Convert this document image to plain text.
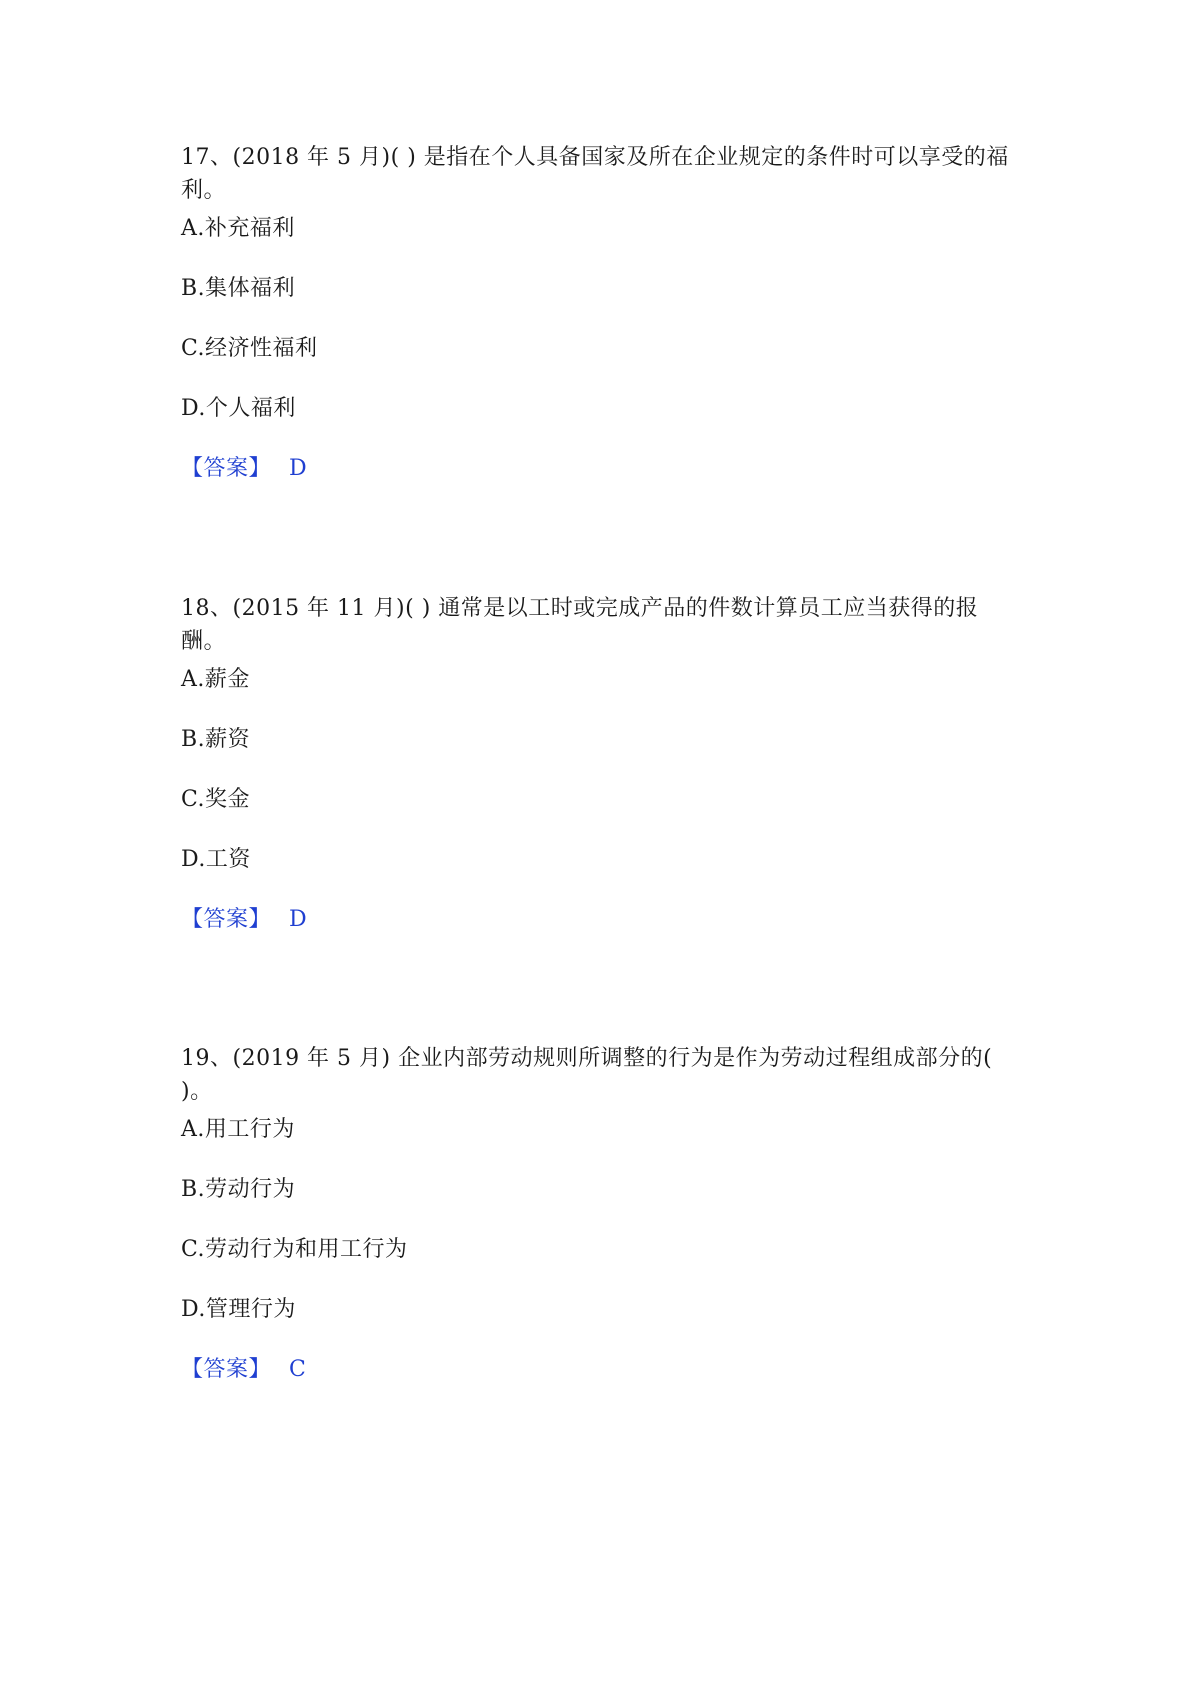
17、(2018 年 5 月)( ) 是指在个人具备国家及所在企业规定的条件时可以享受的福利。

A.补充福利

B.集体福利

C.经济性福利

D.个人福利

【答案】 D

18、(2015 年 11 月)( ) 通常是以工时或完成产品的件数计算员工应当获得的报酬。

A.薪金

B.薪资

C.奖金

D.工资

【答案】 D

19、(2019 年 5 月) 企业内部劳动规则所调整的行为是作为劳动过程组成部分的( )。

A.用工行为

B.劳动行为

C.劳动行为和用工行为

D.管理行为

【答案】 C
